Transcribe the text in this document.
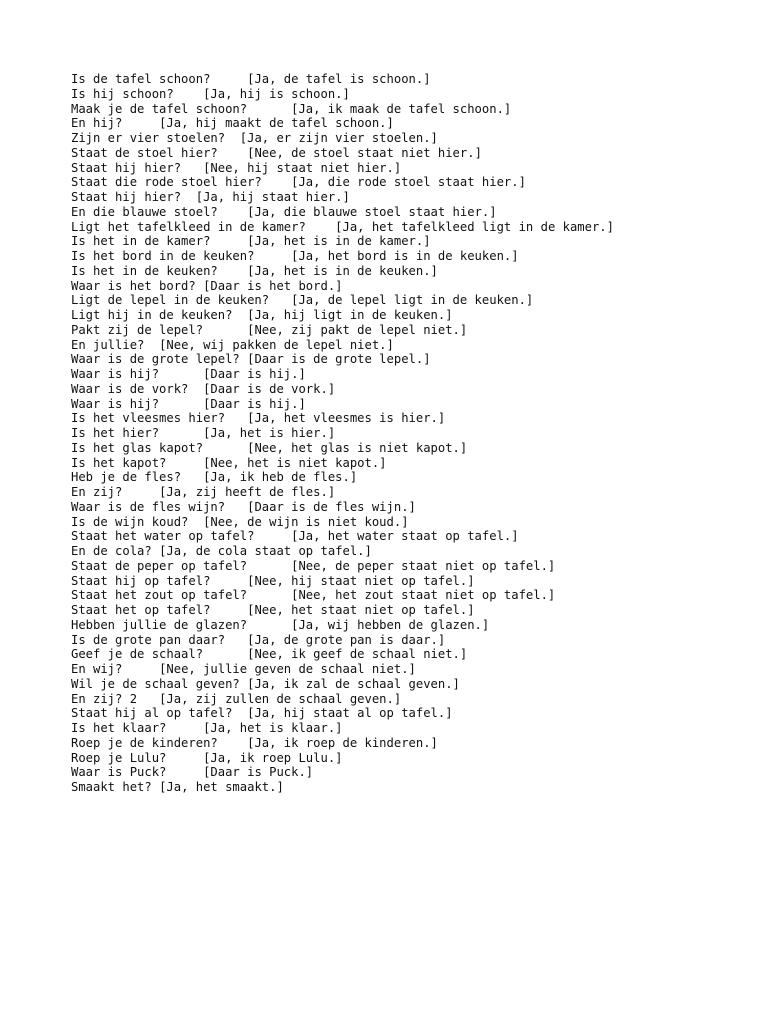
Is de tafel schoon?     [Ja, de tafel is schoon.]
Is hij schoon?    [Ja, hij is schoon.]
Maak je de tafel schoon?      [Ja, ik maak de tafel schoon.]
En hij?     [Ja, hij maakt de tafel schoon.]
Zijn er vier stoelen?  [Ja, er zijn vier stoelen.]
Staat de stoel hier?    [Nee, de stoel staat niet hier.]
Staat hij hier?   [Nee, hij staat niet hier.]
Staat die rode stoel hier?    [Ja, die rode stoel staat hier.]
Staat hij hier?  [Ja, hij staat hier.]
En die blauwe stoel?    [Ja, die blauwe stoel staat hier.]
Ligt het tafelkleed in de kamer?    [Ja, het tafelkleed ligt in de kamer.]
Is het in de kamer?     [Ja, het is in de kamer.]
Is het bord in de keuken?     [Ja, het bord is in de keuken.]
Is het in de keuken?    [Ja, het is in de keuken.]
Waar is het bord? [Daar is het bord.]
Ligt de lepel in de keuken?   [Ja, de lepel ligt in de keuken.]
Ligt hij in de keuken?  [Ja, hij ligt in de keuken.]
Pakt zij de lepel?      [Nee, zij pakt de lepel niet.]
En jullie?  [Nee, wij pakken de lepel niet.]
Waar is de grote lepel? [Daar is de grote lepel.]
Waar is hij?      [Daar is hij.]
Waar is de vork?  [Daar is de vork.]
Waar is hij?      [Daar is hij.]
Is het vleesmes hier?   [Ja, het vleesmes is hier.]
Is het hier?      [Ja, het is hier.]
Is het glas kapot?      [Nee, het glas is niet kapot.]
Is het kapot?     [Nee, het is niet kapot.]
Heb je de fles?   [Ja, ik heb de fles.]
En zij?     [Ja, zij heeft de fles.]
Waar is de fles wijn?   [Daar is de fles wijn.]
Is de wijn koud?  [Nee, de wijn is niet koud.]
Staat het water op tafel?     [Ja, het water staat op tafel.]
En de cola? [Ja, de cola staat op tafel.]
Staat de peper op tafel?      [Nee, de peper staat niet op tafel.]
Staat hij op tafel?     [Nee, hij staat niet op tafel.]
Staat het zout op tafel?      [Nee, het zout staat niet op tafel.]
Staat het op tafel?     [Nee, het staat niet op tafel.]
Hebben jullie de glazen?      [Ja, wij hebben de glazen.]
Is de grote pan daar?   [Ja, de grote pan is daar.]
Geef je de schaal?      [Nee, ik geef de schaal niet.]
En wij?     [Nee, jullie geven de schaal niet.]
Wil je de schaal geven? [Ja, ik zal de schaal geven.]
En zij? 2   [Ja, zij zullen de schaal geven.]
Staat hij al op tafel?  [Ja, hij staat al op tafel.]
Is het klaar?     [Ja, het is klaar.]
Roep je de kinderen?    [Ja, ik roep de kinderen.]
Roep je Lulu?     [Ja, ik roep Lulu.]
Waar is Puck?     [Daar is Puck.]
Smaakt het? [Ja, het smaakt.]
